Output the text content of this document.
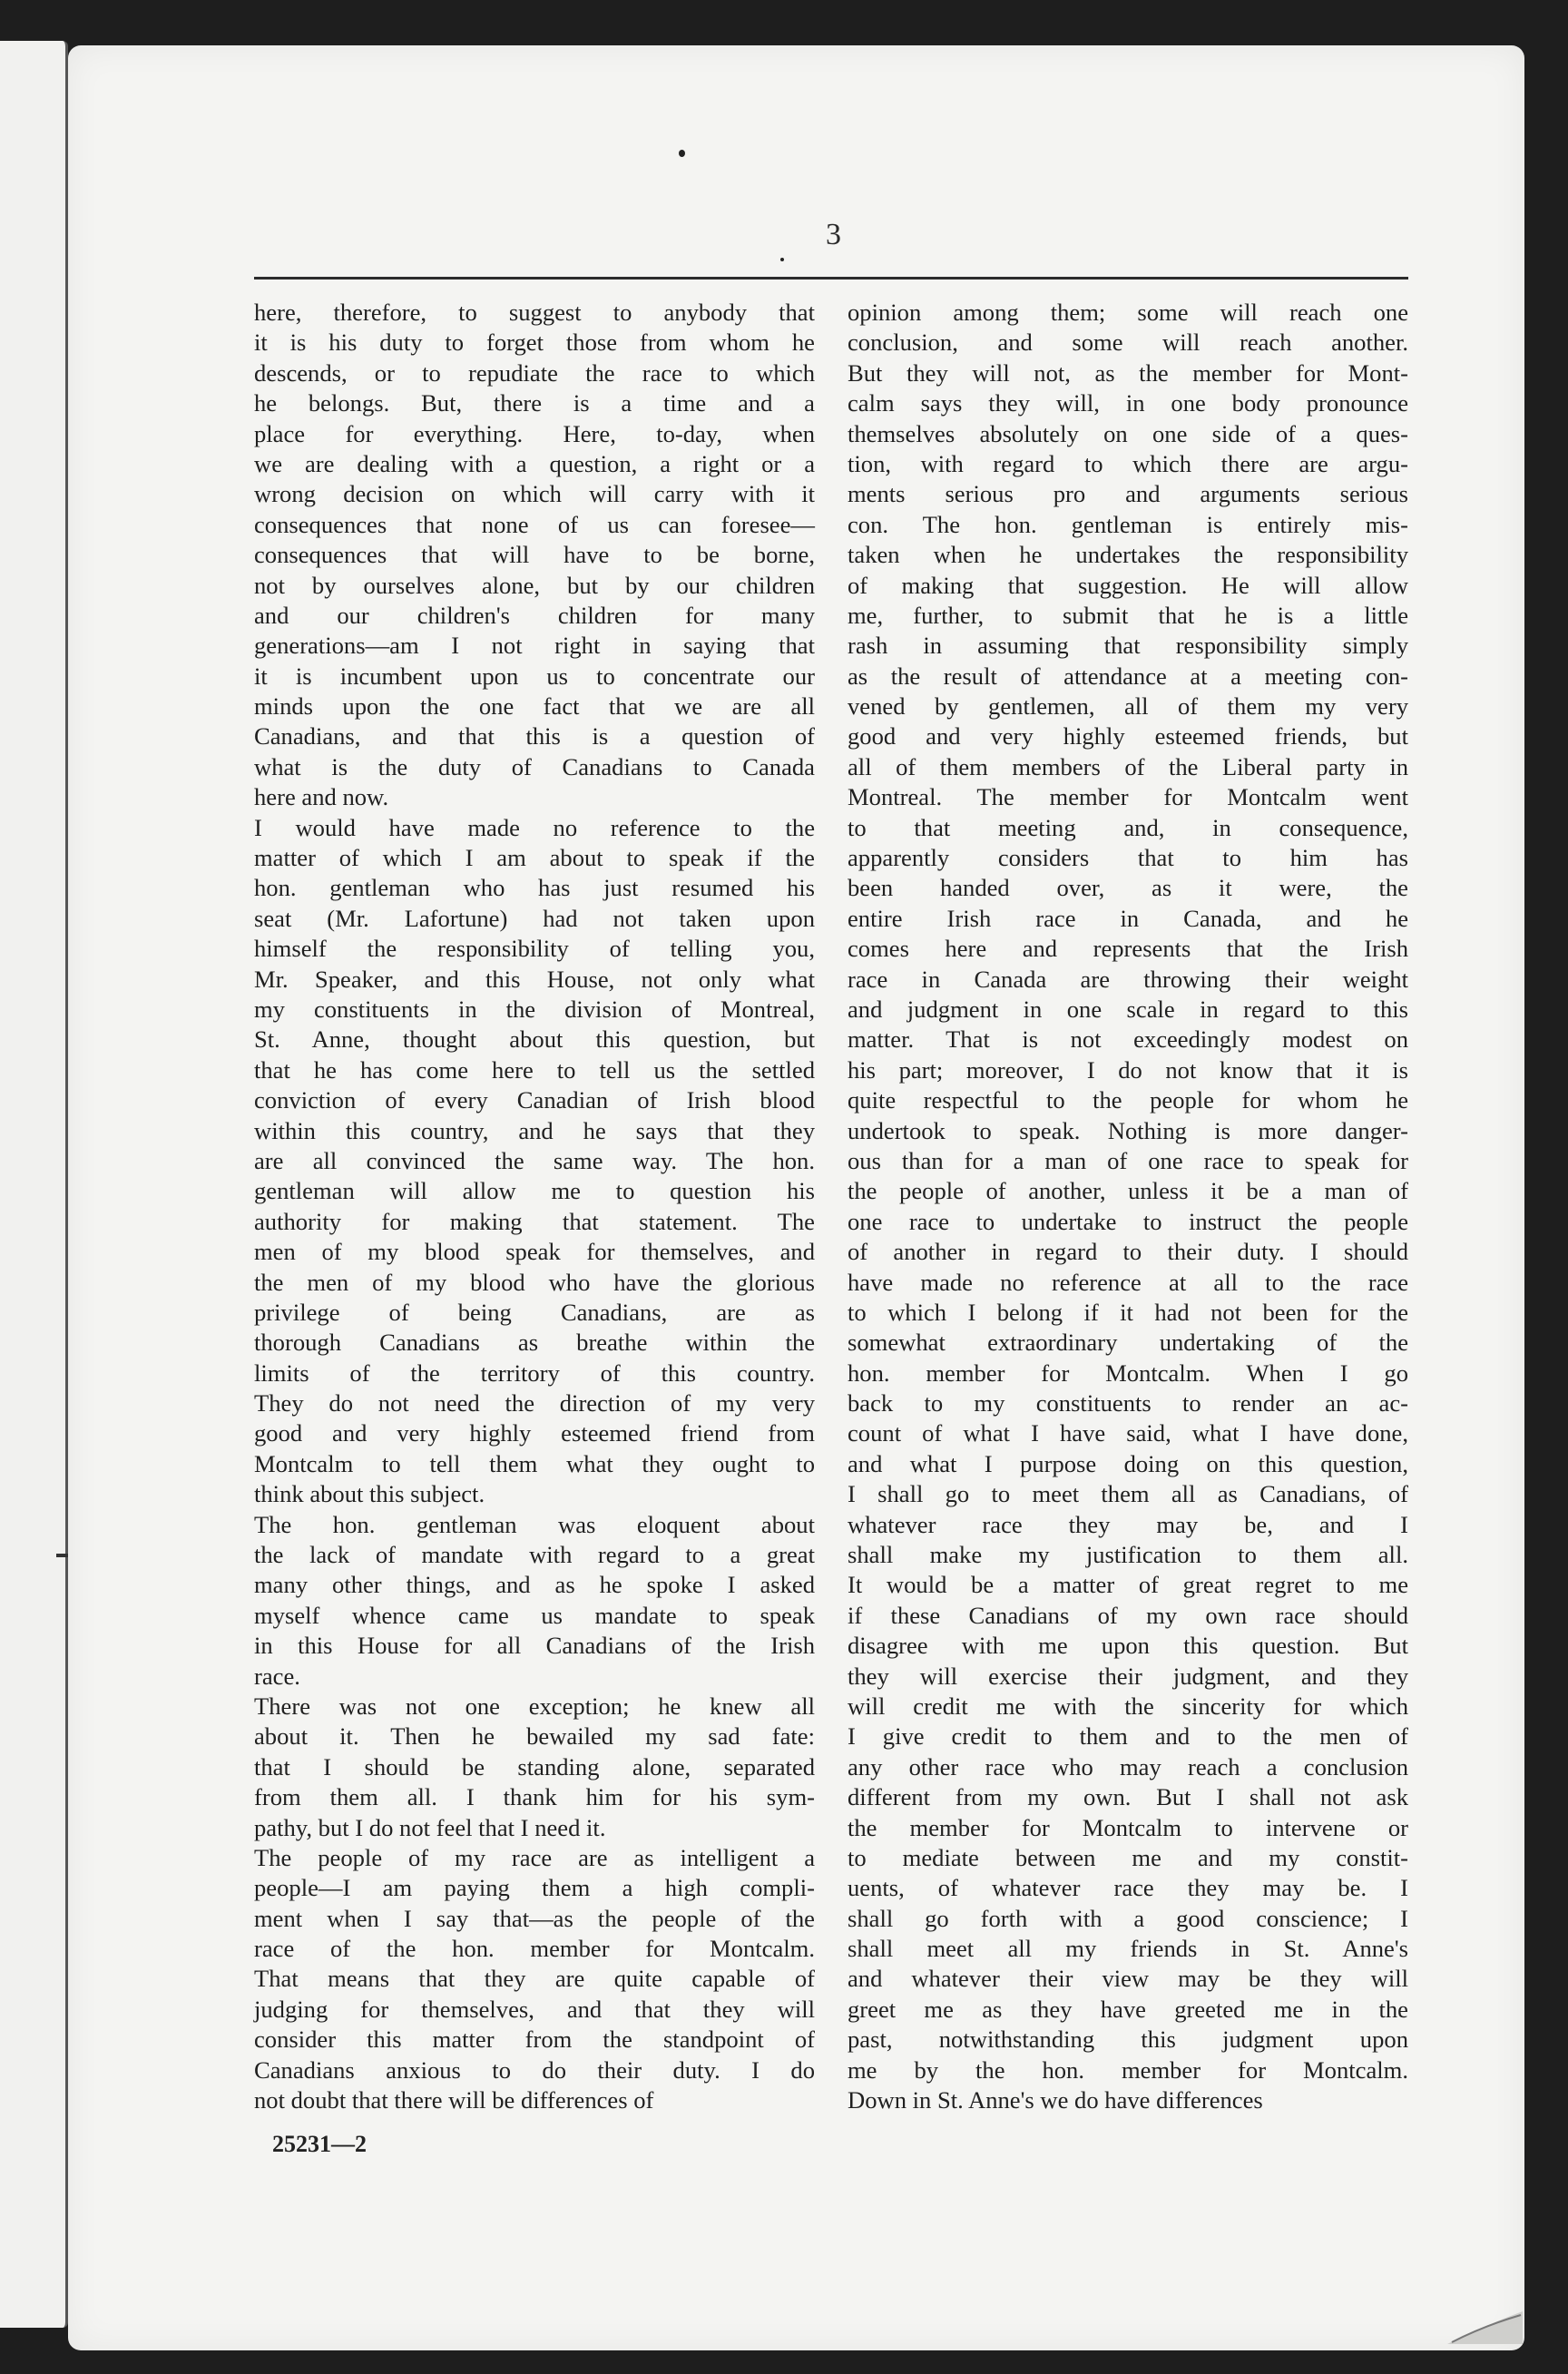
3
here, therefore, to suggest to anybody that
it is his duty to forget those from whom he
descends, or to repudiate the race to which
he belongs. But, there is a time and a
place for everything. Here, to-day, when
we are dealing with a question, a right or a
wrong decision on which will carry with it
consequences that none of us can foresee—
consequences that will have to be borne,
not by ourselves alone, but by our children
and our children's children for many
generations—am I not right in saying that
it is incumbent upon us to concentrate our
minds upon the one fact that we are all
Canadians, and that this is a question of
what is the duty of Canadians to Canada
here and now.
I would have made no reference to the
matter of which I am about to speak if the
hon. gentleman who has just resumed his
seat (Mr. Lafortune) had not taken upon
himself the responsibility of telling you,
Mr. Speaker, and this House, not only what
my constituents in the division of Montreal,
St. Anne, thought about this question, but
that he has come here to tell us the settled
conviction of every Canadian of Irish blood
within this country, and he says that they
are all convinced the same way. The hon.
gentleman will allow me to question his
authority for making that statement. The
men of my blood speak for themselves, and
the men of my blood who have the glorious
privilege of being Canadians, are as
thorough Canadians as breathe within the
limits of the territory of this country.
They do not need the direction of my very
good and very highly esteemed friend from
Montcalm to tell them what they ought to
think about this subject.
The hon. gentleman was eloquent about
the lack of mandate with regard to a great
many other things, and as he spoke I asked
myself whence came us mandate to speak
in this House for all Canadians of the Irish
race.
There was not one exception; he knew all
about it. Then he bewailed my sad fate:
that I should be standing alone, separated
from them all. I thank him for his sym-
pathy, but I do not feel that I need it.
The people of my race are as intelligent a
people—I am paying them a high compli-
ment when I say that—as the people of the
race of the hon. member for Montcalm.
That means that they are quite capable of
judging for themselves, and that they will
consider this matter from the standpoint of
Canadians anxious to do their duty. I do
not doubt that there will be differences of
opinion among them; some will reach one
conclusion, and some will reach another.
But they will not, as the member for Mont-
calm says they will, in one body pronounce
themselves absolutely on one side of a ques-
tion, with regard to which there are argu-
ments serious pro and arguments serious
con. The hon. gentleman is entirely mis-
taken when he undertakes the responsibility
of making that suggestion. He will allow
me, further, to submit that he is a little
rash in assuming that responsibility simply
as the result of attendance at a meeting con-
vened by gentlemen, all of them my very
good and very highly esteemed friends, but
all of them members of the Liberal party in
Montreal. The member for Montcalm went
to that meeting and, in consequence,
apparently considers that to him has
been handed over, as it were, the
entire Irish race in Canada, and he
comes here and represents that the Irish
race in Canada are throwing their weight
and judgment in one scale in regard to this
matter. That is not exceedingly modest on
his part; moreover, I do not know that it is
quite respectful to the people for whom he
undertook to speak. Nothing is more danger-
ous than for a man of one race to speak for
the people of another, unless it be a man of
one race to undertake to instruct the people
of another in regard to their duty. I should
have made no reference at all to the race
to which I belong if it had not been for the
somewhat extraordinary undertaking of the
hon. member for Montcalm. When I go
back to my constituents to render an ac-
count of what I have said, what I have done,
and what I purpose doing on this question,
I shall go to meet them all as Canadians, of
whatever race they may be, and I
shall make my justification to them all.
It would be a matter of great regret to me
if these Canadians of my own race should
disagree with me upon this question. But
they will exercise their judgment, and they
will credit me with the sincerity for which
I give credit to them and to the men of
any other race who may reach a conclusion
different from my own. But I shall not ask
the member for Montcalm to intervene or
to mediate between me and my constit-
uents, of whatever race they may be. I
shall go forth with a good conscience; I
shall meet all my friends in St. Anne's
and whatever their view may be they will
greet me as they have greeted me in the
past, notwithstanding this judgment upon
me by the hon. member for Montcalm.
Down in St. Anne's we do have differences
25231—2
